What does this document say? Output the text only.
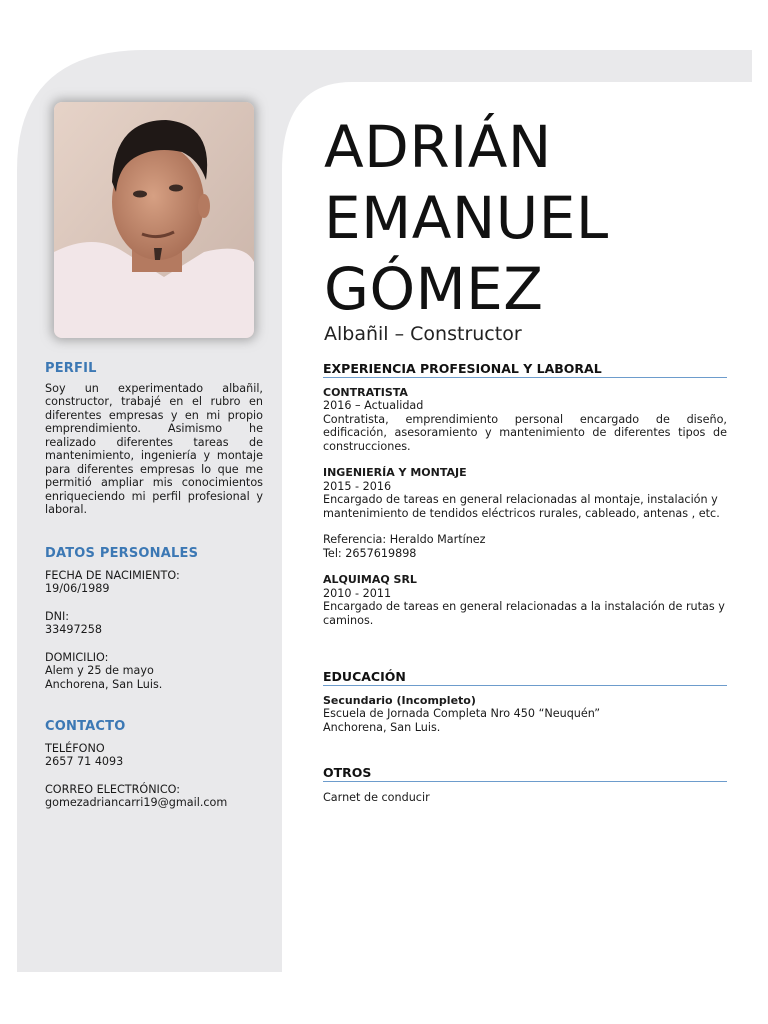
PERFIL
Soy un experimentado albañil, constructor, trabajé en el rubro en diferentes empresas y en mi propio emprendimiento. Asimismo he realizado diferentes tareas de mantenimiento, ingeniería y montaje para diferentes empresas lo que me permitió ampliar mis conocimientos enriqueciendo mi perfil profesional y laboral.
DATOS PERSONALES
FECHA DE NACIMIENTO:
19/06/1989
DNI:
33497258
DOMICILIO:
Alem y 25 de mayo
Anchorena, San Luis.
CONTACTO
TELÉFONO
2657 71 4093
CORREO ELECTRÓNICO:
gomezadriancarri19@gmail.com
ADRIÁN
EMANUEL
GÓMEZ
Albañil – Constructor
EXPERIENCIA PROFESIONAL Y LABORAL
CONTRATISTA
2016 – Actualidad
Contratista, emprendimiento personal encargado de diseño, edificación, asesoramiento y mantenimiento de diferentes tipos de construcciones.
INGENIERÍA Y MONTAJE
2015 - 2016
Encargado de tareas en general relacionadas al montaje, instalación y mantenimiento de tendidos eléctricos rurales, cableado, antenas , etc.
Referencia: Heraldo Martínez
Tel: 2657619898
ALQUIMAQ SRL
2010 - 2011
Encargado de tareas en general relacionadas a la instalación de rutas y caminos.
EDUCACIÓN
Secundario (Incompleto)
Escuela de Jornada Completa Nro 450 “Neuquén”
Anchorena, San Luis.
OTROS
Carnet de conducir
